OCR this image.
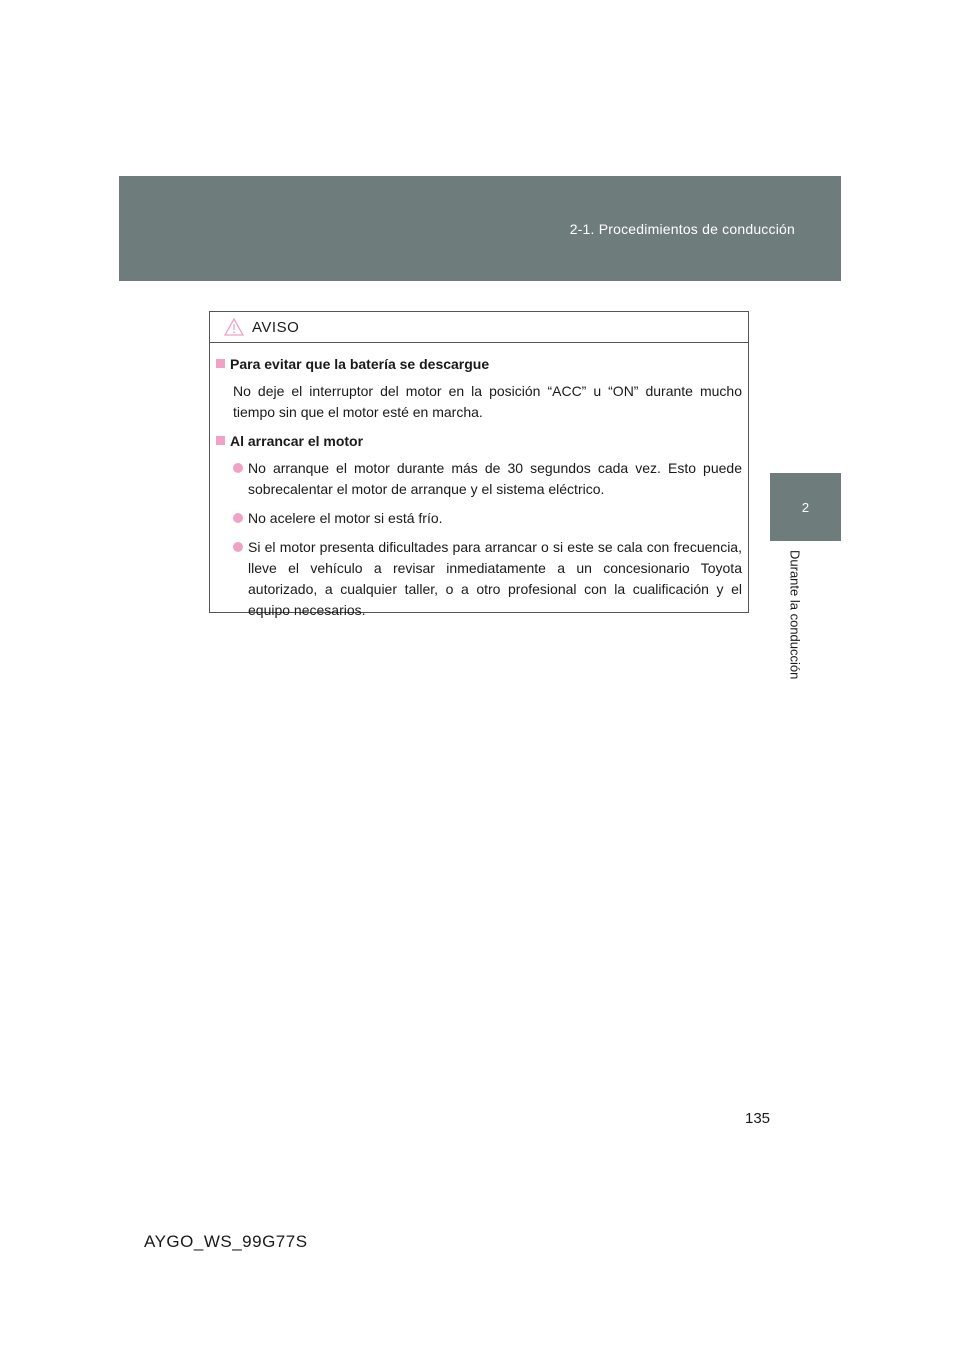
2-1. Procedimientos de conducción
2
Durante la conducción
AVISO
Para evitar que la batería se descargue
No deje el interruptor del motor en la posición “ACC” u “ON” durante mucho tiempo sin que el motor esté en marcha.
Al arrancar el motor
No arranque el motor durante más de 30 segundos cada vez. Esto puede sobrecalentar el motor de arranque y el sistema eléctrico.
No acelere el motor si está frío.
Si el motor presenta dificultades para arrancar o si este se cala con frecuencia, lleve el vehículo a revisar inmediatamente a un concesionario Toyota autorizado, a cualquier taller, o a otro profesional con la cualificación y el equipo necesarios.
135
AYGO_WS_99G77S
